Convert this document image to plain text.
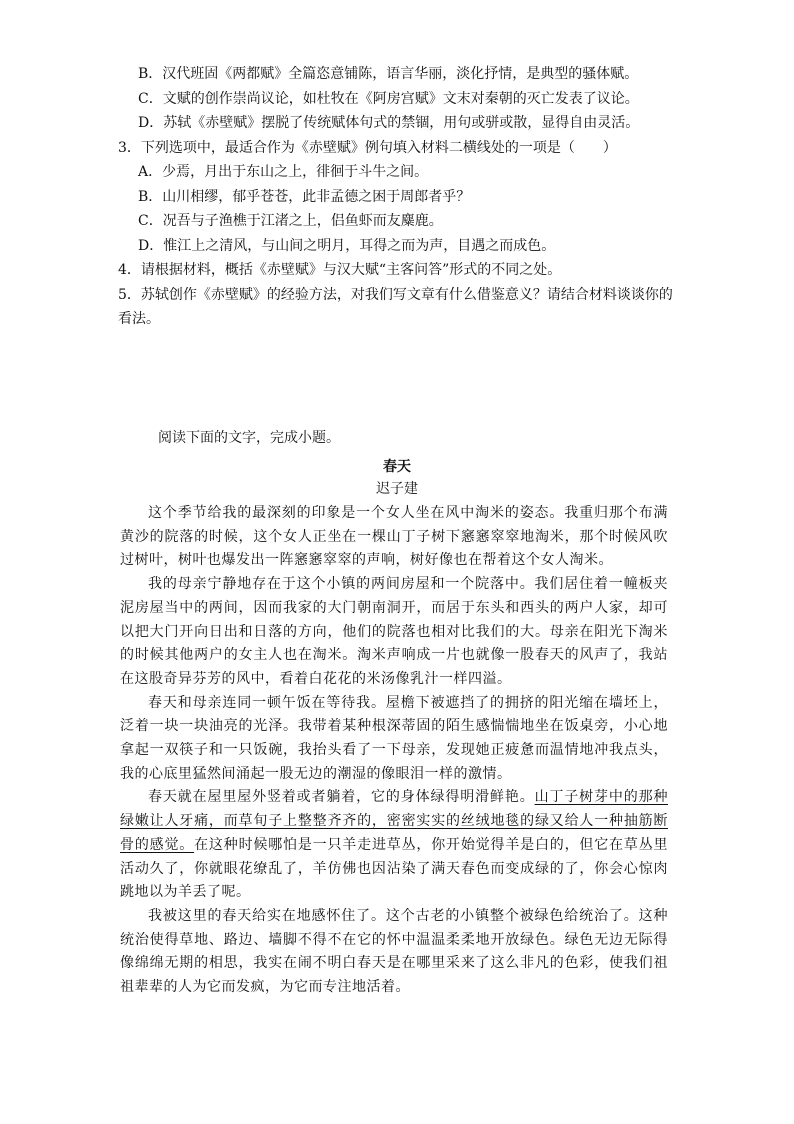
B．汉代班固《两都赋》全篇恣意铺陈，语言华丽，淡化抒情，是典型的骚体赋。

C．文赋的创作崇尚议论，如杜牧在《阿房宫赋》文末对秦朝的灭亡发表了议论。

D．苏轼《赤壁赋》摆脱了传统赋体句式的禁锢，用句或骈或散，显得自由灵活。

3．下列选项中，最适合作为《赤壁赋》例句填入材料二横线处的一项是（　　）

A．少焉，月出于东山之上，徘徊于斗牛之间。

B．山川相缪，郁乎苍苍，此非孟德之困于周郎者乎？

C．况吾与子渔樵于江渚之上，侣鱼虾而友麋鹿。

D．惟江上之清风，与山间之明月，耳得之而为声，目遇之而成色。

4．请根据材料，概括《赤壁赋》与汉大赋“主客问答”形式的不同之处。

5．苏轼创作《赤壁赋》的经验方法，对我们写文章有什么借鉴意义？请结合材料谈谈你的看法。

阅读下面的文字，完成小题。

春天

迟子建

这个季节给我的最深刻的印象是一个女人坐在风中淘米的姿态。我重归那个布满黄沙的院落的时候，这个女人正坐在一棵山丁子树下窸窸窣窣地淘米，那个时候风吹过树叶，树叶也爆发出一阵窸窸窣窣的声响，树好像也在帮着这个女人淘米。

我的母亲宁静地存在于这个小镇的两间房屋和一个院落中。我们居住着一幢板夹泥房屋当中的两间，因而我家的大门朝南洞开，而居于东头和西头的两户人家，却可以把大门开向日出和日落的方向，他们的院落也相对比我们的大。母亲在阳光下淘米的时候其他两户的女主人也在淘米。淘米声响成一片也就像一股春天的风声了，我站在这股奇异芬芳的风中，看着白花花的米汤像乳汁一样四溢。

春天和母亲连同一顿午饭在等待我。屋檐下被遮挡了的拥挤的阳光缩在墙坯上，泛着一块一块油亮的光泽。我带着某种根深蒂固的陌生感惴惴地坐在饭桌旁，小心地拿起一双筷子和一只饭碗，我抬头看了一下母亲，发现她正疲惫而温情地冲我点头，我的心底里猛然间涌起一股无边的潮湿的像眼泪一样的激情。

春天就在屋里屋外竖着或者躺着，它的身体绿得明滑鲜艳。山丁子树芽中的那种绿嫩让人牙痛，而草旬子上整整齐齐的，密密实实的丝绒地毯的绿又给人一种抽筋断骨的感觉。在这种时候哪怕是一只羊走进草丛，你开始觉得羊是白的，但它在草丛里活动久了，你就眼花缭乱了，羊仿佛也因沾染了满天春色而变成绿的了，你会心惊肉跳地以为羊丢了呢。

我被这里的春天给实在地感怀住了。这个古老的小镇整个被绿色给统治了。这种统治使得草地、路边、墙脚不得不在它的怀中温温柔柔地开放绿色。绿色无边无际得像绵绵无期的相思，我实在闹不明白春天是在哪里采来了这么非凡的色彩，使我们祖祖辈辈的人为它而发疯，为它而专注地活着。
